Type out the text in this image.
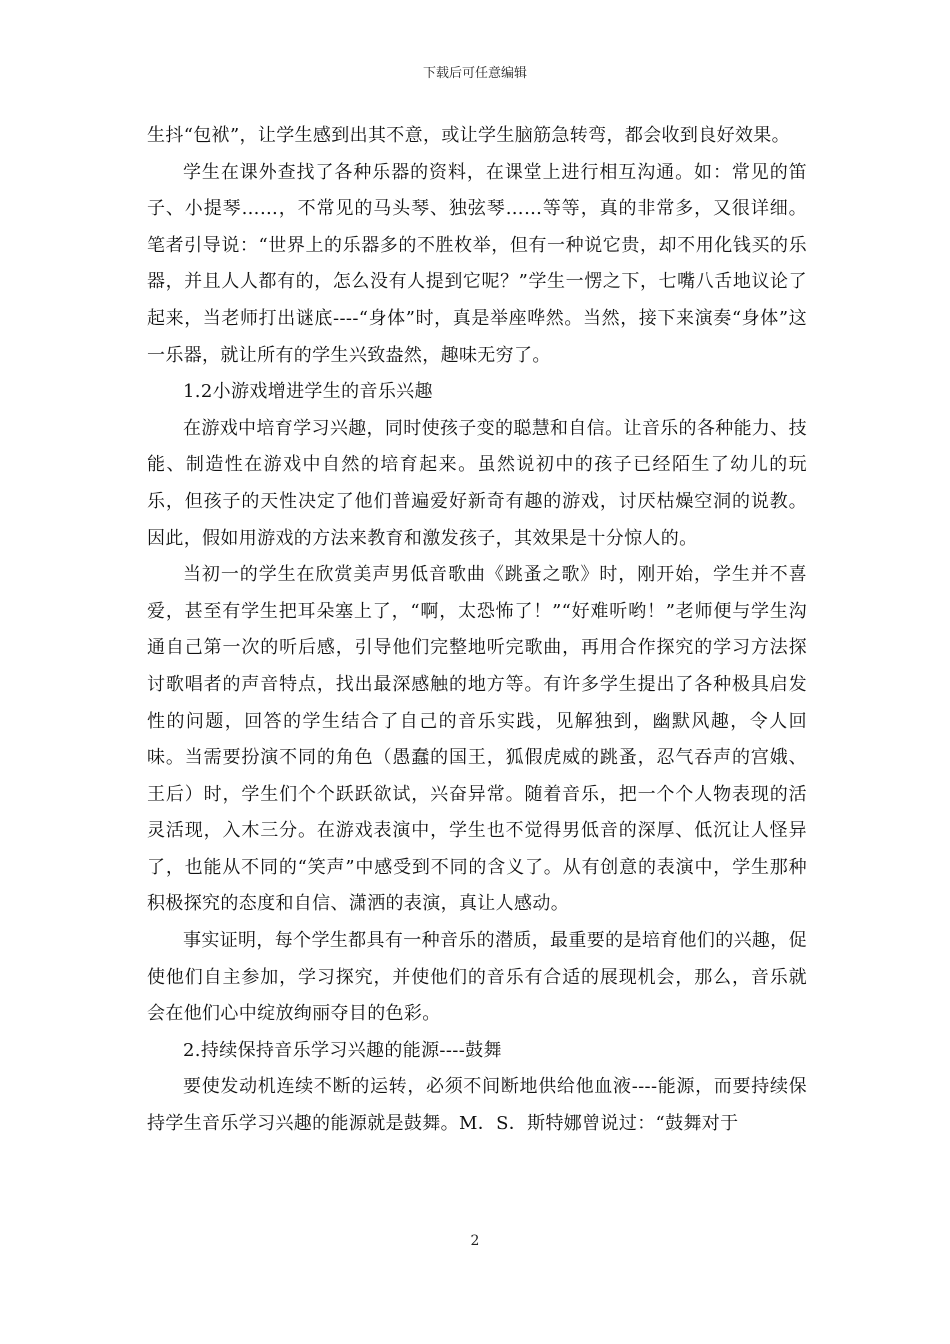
下载后可任意编辑

生抖“包袱”，让学生感到出其不意，或让学生脑筋急转弯，都会收到良好效果。

学生在课外查找了各种乐器的资料，在课堂上进行相互沟通。如：常见的笛子、小提琴……，不常见的马头琴、独弦琴……等等，真的非常多，又很详细。笔者引导说：“世界上的乐器多的不胜枚举，但有一种说它贵，却不用化钱买的乐器，并且人人都有的，怎么没有人提到它呢？”学生一愣之下，七嘴八舌地议论了起来，当老师打出谜底----“身体”时，真是举座哗然。当然，接下来演奏“身体”这一乐器，就让所有的学生兴致盎然，趣味无穷了。

1.2小游戏增进学生的音乐兴趣

在游戏中培育学习兴趣，同时使孩子变的聪慧和自信。让音乐的各种能力、技能、制造性在游戏中自然的培育起来。虽然说初中的孩子已经陌生了幼儿的玩乐，但孩子的天性决定了他们普遍爱好新奇有趣的游戏，讨厌枯燥空洞的说教。因此，假如用游戏的方法来教育和激发孩子，其效果是十分惊人的。

当初一的学生在欣赏美声男低音歌曲《跳蚤之歌》时，刚开始，学生并不喜爱，甚至有学生把耳朵塞上了，“啊，太恐怖了！”“好难听哟！”老师便与学生沟通自己第一次的听后感，引导他们完整地听完歌曲，再用合作探究的学习方法探讨歌唱者的声音特点，找出最深感触的地方等。有许多学生提出了各种极具启发性的问题，回答的学生结合了自己的音乐实践，见解独到，幽默风趣，令人回味。当需要扮演不同的角色（愚蠢的国王，狐假虎威的跳蚤，忍气吞声的宫娥、王后）时，学生们个个跃跃欲试，兴奋异常。随着音乐，把一个个人物表现的活灵活现，入木三分。在游戏表演中，学生也不觉得男低音的深厚、低沉让人怪异了，也能从不同的“笑声”中感受到不同的含义了。从有创意的表演中，学生那种积极探究的态度和自信、潇洒的表演，真让人感动。

事实证明，每个学生都具有一种音乐的潜质，最重要的是培育他们的兴趣，促使他们自主参加，学习探究，并使他们的音乐有合适的展现机会，那么，音乐就会在他们心中绽放绚丽夺目的色彩。

2.持续保持音乐学习兴趣的能源----鼓舞

要使发动机连续不断的运转，必须不间断地供给他血液----能源，而要持续保持学生音乐学习兴趣的能源就是鼓舞。M．S．斯特娜曾说过：“鼓舞对于

2
